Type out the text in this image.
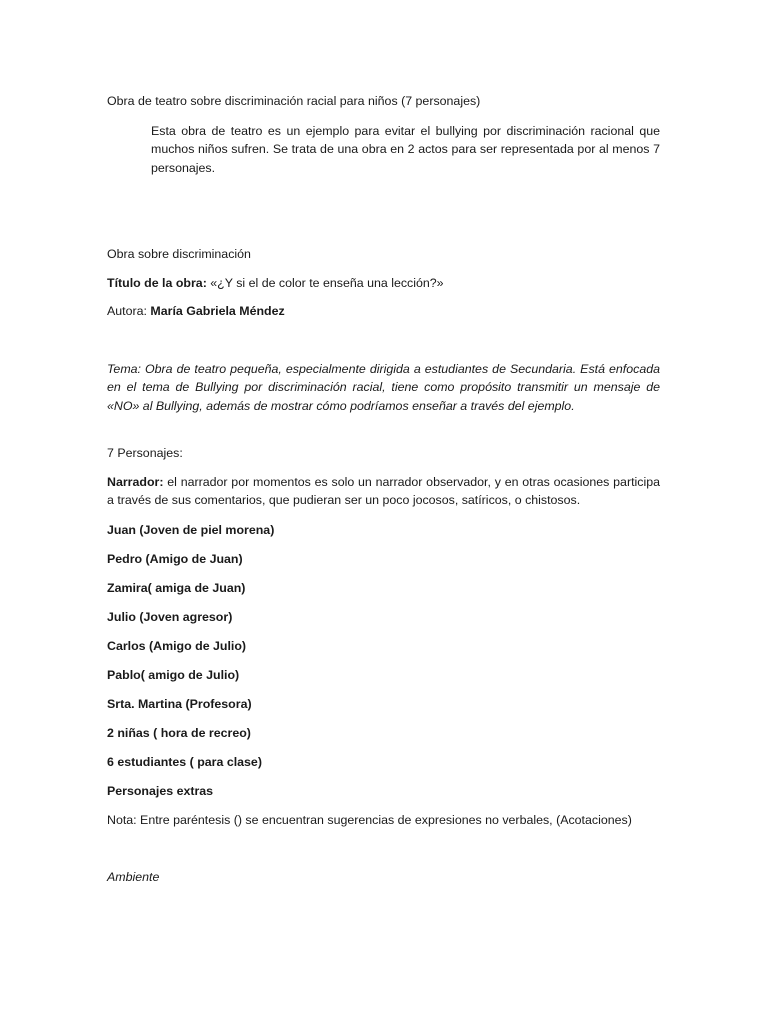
Obra de teatro sobre discriminación racial para niños (7 personajes)

Esta obra de teatro es un ejemplo para evitar el bullying por discriminación racional que muchos niños sufren. Se trata de una obra en 2 actos para ser representada por al menos 7 personajes.

Obra sobre discriminación

Título de la obra: «¿Y si el de color te enseña una lección?»

Autora: María Gabriela Méndez

Tema: Obra de teatro pequeña, especialmente dirigida a estudiantes de Secundaria. Está enfocada en el tema de Bullying por discriminación racial, tiene como propósito transmitir un mensaje de «NO» al Bullying, además de mostrar cómo podríamos enseñar a través del ejemplo.

7 Personajes:

Narrador: el narrador por momentos es solo un narrador observador, y en otras ocasiones participa a través de sus comentarios, que pudieran ser un poco jocosos, satíricos, o chistosos.

Juan (Joven de piel morena)

Pedro (Amigo de Juan)

Zamira( amiga de Juan)

Julio (Joven agresor)

Carlos (Amigo de Julio)

Pablo( amigo de Julio)

Srta. Martina (Profesora)

2 niñas ( hora de recreo)

6 estudiantes ( para clase)

Personajes extras

Nota: Entre paréntesis () se encuentran sugerencias de expresiones no verbales, (Acotaciones)

Ambiente
